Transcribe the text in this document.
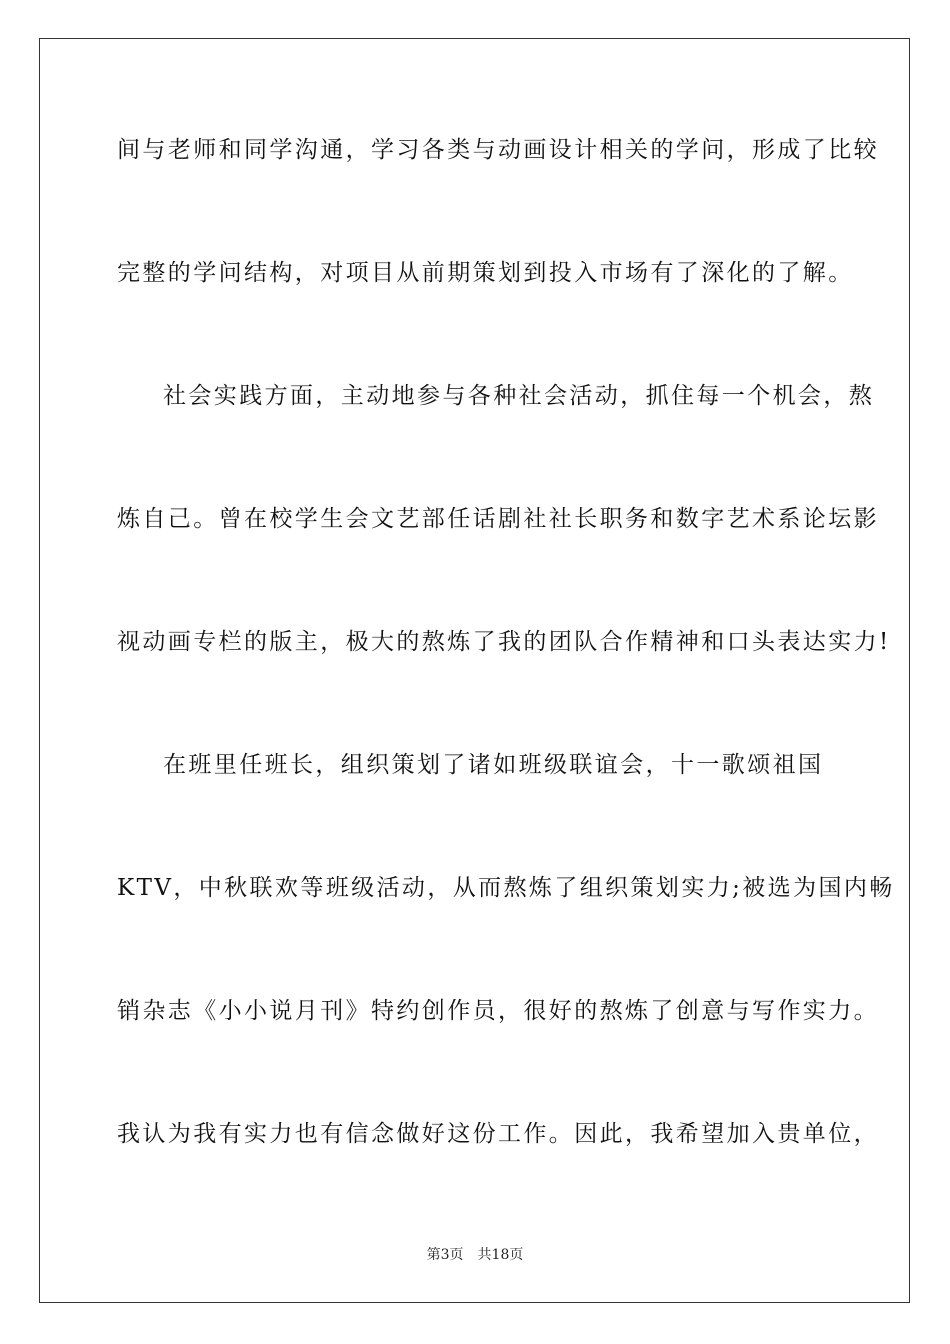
间与老师和同学沟通，学习各类与动画设计相关的学问，形成了比较

完整的学问结构，对项目从前期策划到投入市场有了深化的了解。

社会实践方面，主动地参与各种社会活动，抓住每一个机会，熬

炼自己。曾在校学生会文艺部任话剧社社长职务和数字艺术系论坛影

视动画专栏的版主，极大的熬炼了我的团队合作精神和口头表达实力!

在班里任班长，组织策划了诸如班级联谊会，十一歌颂祖国

KTV，中秋联欢等班级活动，从而熬炼了组织策划实力;被选为国内畅

销杂志《小小说月刊》特约创作员，很好的熬炼了创意与写作实力。

我认为我有实力也有信念做好这份工作。因此，我希望加入贵单位，

第3页 共18页
